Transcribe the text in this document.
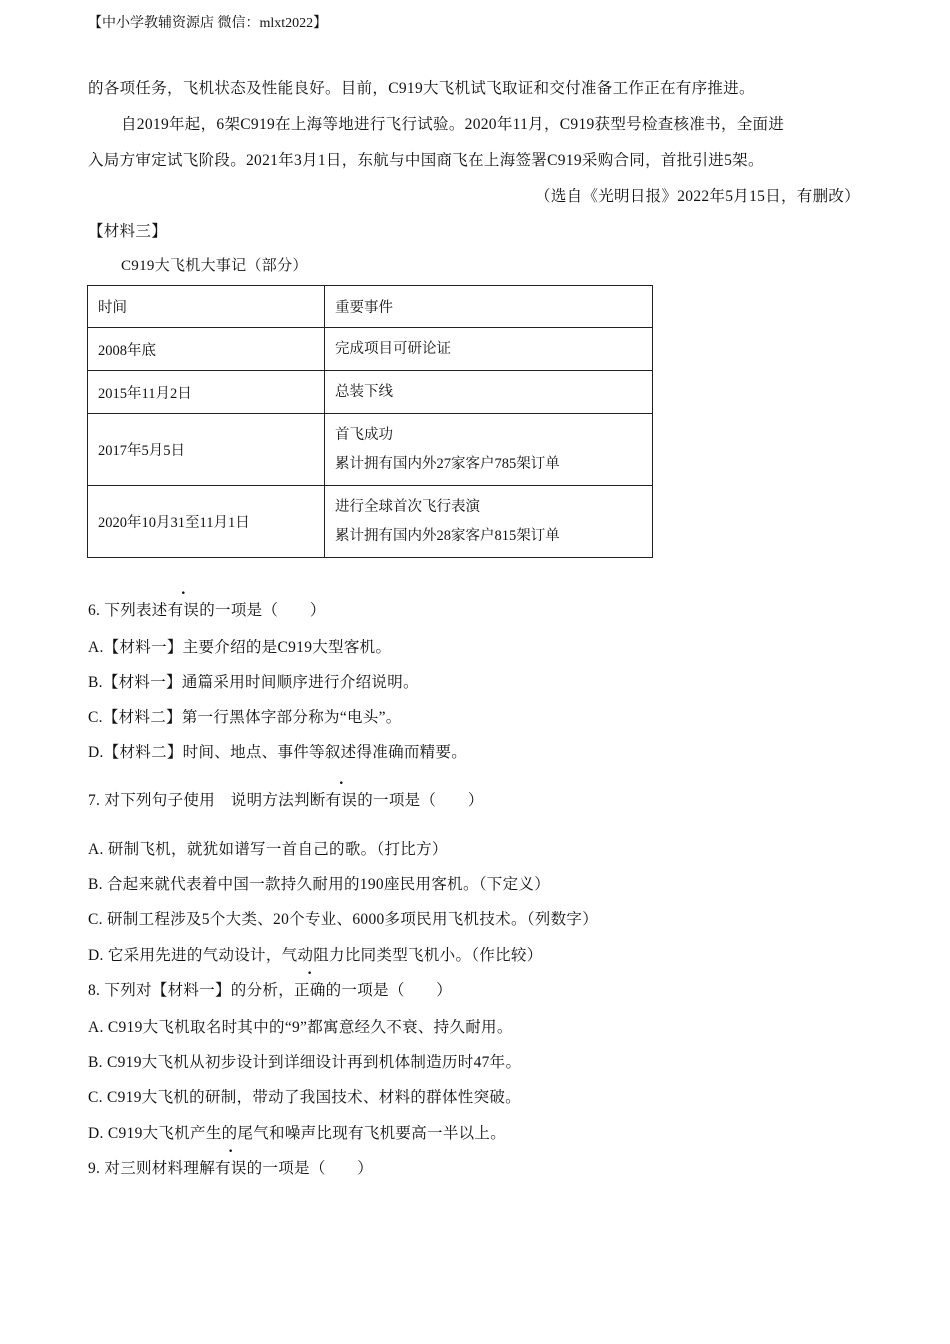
【中小学教辅资源店 微信：mlxt2022】
的各项任务，飞机状态及性能良好。目前，C919大飞机试飞取证和交付准备工作正在有序推进。
自2019年起，6架C919在上海等地进行飞行试验。2020年11月，C919获型号检查核准书，全面进
入局方审定试飞阶段。2021年3月1日，东航与中国商飞在上海签署C919采购合同，首批引进5架。
（选自《光明日报》2022年5月15日，有删改）
【材料三】
C919大飞机大事记（部分）
时间	重要事件
2008年底	完成项目可研论证

2015年11月2日	总装下线

2017年5月5日	首飞成功
累计拥有国内外27家客户785架订单

2020年10月31至11月1日	进行全球首次飞行表演
累计拥有国内外28家客户815架订单
6. 下列表述有误的一项是（　　）
A.【材料一】主要介绍的是C919大型客机。
B.【材料一】通篇采用时间顺序进行介绍说明。
C.【材料二】第一行黑体字部分称为“电头”。
D.【材料二】时间、地点、事件等叙述得准确而精要。
7. 对下列句子使用　说明方法判断有误的一项是（　　）
A. 研制飞机，就犹如谱写一首自己的歌。（打比方）
B. 合起来就代表着中国一款持久耐用的190座民用客机。（下定义）
C. 研制工程涉及5个大类、20个专业、6000多项民用飞机技术。（列数字）
D. 它采用先进的气动设计，气动阻力比同类型飞机小。（作比较）
8. 下列对【材料一】的分析，正确的一项是（　　）
A. C919大飞机取名时其中的“9”都寓意经久不衰、持久耐用。
B. C919大飞机从初步设计到详细设计再到机体制造历时47年。
C. C919大飞机的研制，带动了我国技术、材料的群体性突破。
D. C919大飞机产生的尾气和噪声比现有飞机要高一半以上。
9. 对三则材料理解有误的一项是（　　）
